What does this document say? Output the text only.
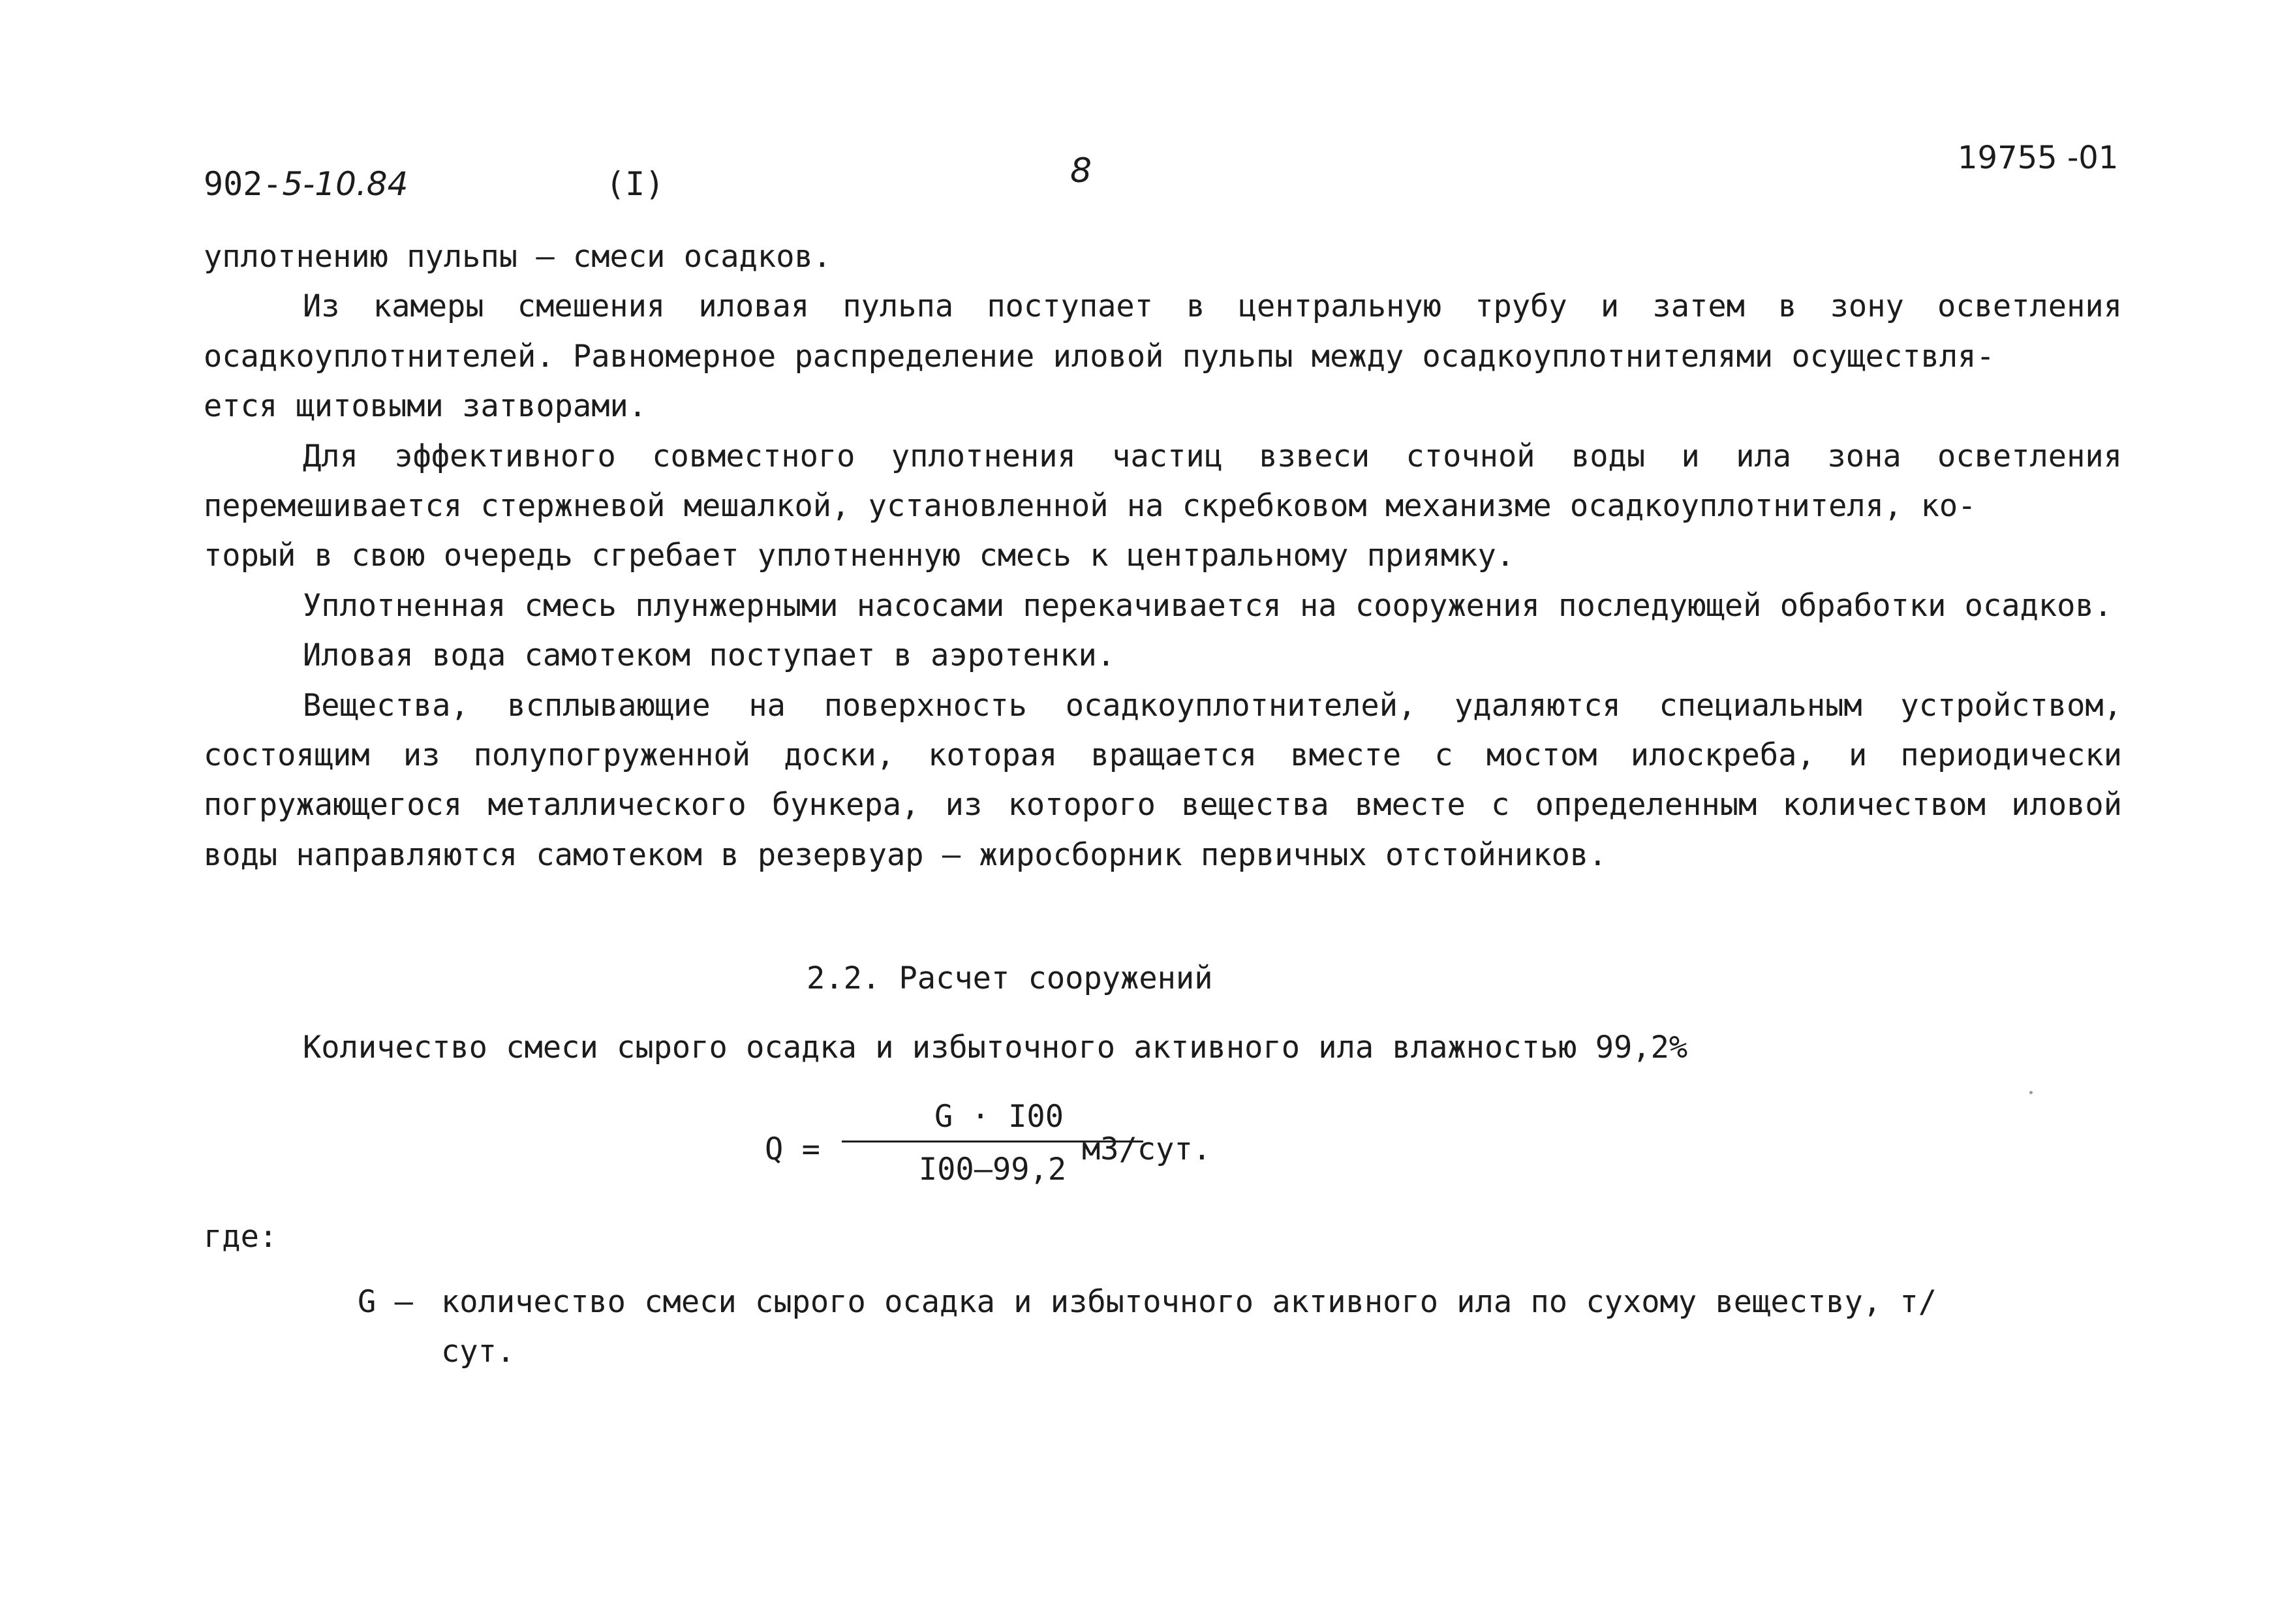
902-5-10.84	(I)	8	19755 -01

уплотнению пульпы – смеси осадков.

Из камеры смешения иловая пульпа поступает в центральную трубу и затем в зону осветления осадкоуплотнителей. Равномерное распределение иловой пульпы между осадкоуплотнителями осуществля-
ется щитовыми затворами.

Для эффективного совместного уплотнения частиц взвеси сточной воды и ила зона осветления перемешивается стержневой мешалкой, установленной на скребковом механизме осадкоуплотнителя, ко-
торый в свою очередь сгребает уплотненную смесь к центральному приямку.

Уплотненная смесь плунжерными насосами перекачивается на сооружения последующей обработки осадков.

Иловая вода самотеком поступает в аэротенки.

Вещества, всплывающие на поверхность осадкоуплотнителей, удаляются специальным устройством, состоящим из полупогруженной доски, которая вращается вместе с мостом илоскреба, и периодически погружающегося металлического бункера, из которого вещества вместе с определенным количеством иловой воды направляются самотеком в резервуар – жиросборник первичных отстойников.

2.2. Расчет сооружений
Количество смеси сырого осадка и избыточного активного ила влажностью 99,2%
Q =
G · I00
I00–99,2
м3/сут.
где:
G – количество смеси сырого осадка и избыточного активного ила по сухому веществу, т/сут.
